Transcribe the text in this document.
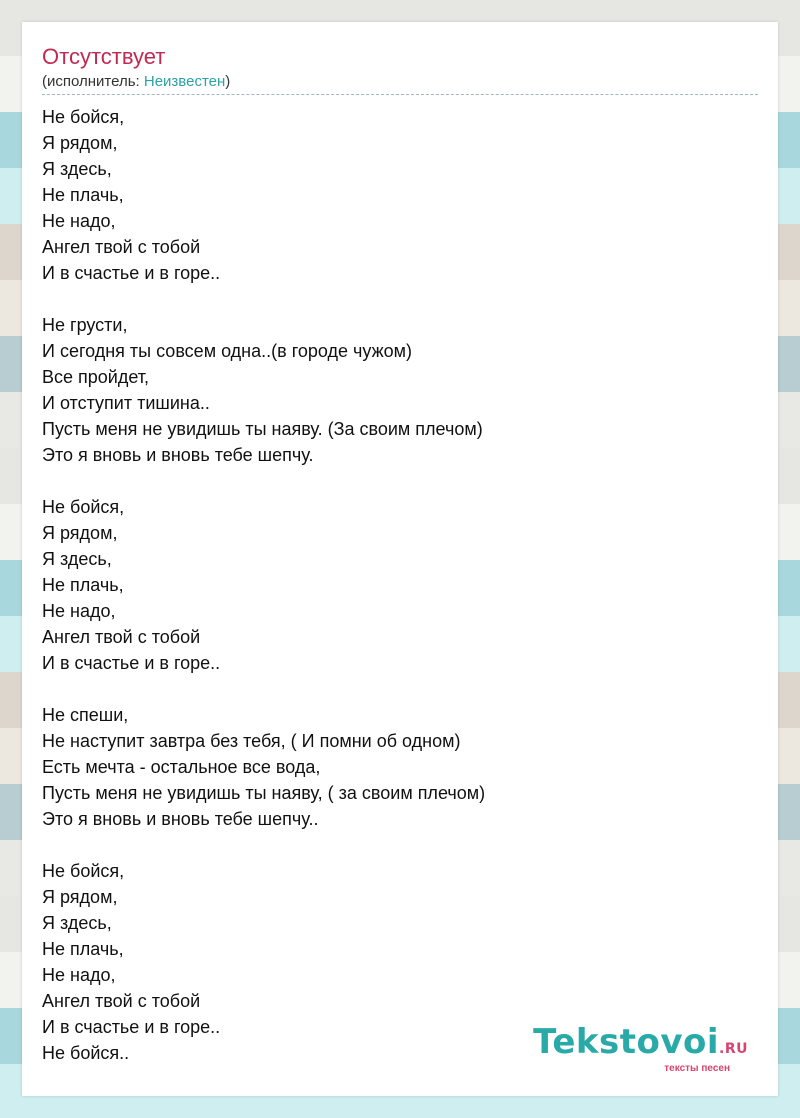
Отсутствует
(исполнитель: Неизвестен)
Не бойся,
Я рядом,
Я здесь,
Не плачь,
Не надо,
Ангел твой с тобой
И в счастье и в горе..
Не грусти,
И сегодня ты совсем одна..(в городе чужом)
Все пройдет,
И отступит тишина..
Пусть меня не увидишь ты наяву. (За своим плечом)
Это я вновь и вновь тебе шепчу.
Не бойся,
Я рядом,
Я здесь,
Не плачь,
Не надо,
Ангел твой с тобой
И в счастье и в горе..
Не спеши,
Не наступит завтра без тебя, ( И помни об одном)
Есть мечта - остальное все вода,
Пусть меня не увидишь ты наяву, ( за своим плечом)
Это я вновь и вновь тебе шепчу..
Не бойся,
Я рядом,
Я здесь,
Не плачь,
Не надо,
Ангел твой с тобой
И в счастье и в горе..
Не бойся..	Tekstovoi.RU
тексты песен
